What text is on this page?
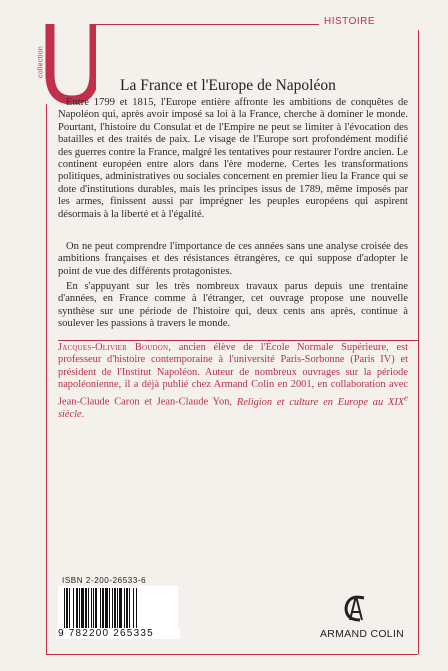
collection
HISTOIRE
La France et l'Europe de Napoléon

Entre 1799 et 1815, l'Europe entière affronte les ambitions de conquêtes de Napoléon qui, après avoir imposé sa loi à la France, cherche à dominer le monde. Pourtant, l'histoire du Consulat et de l'Empire ne peut se limiter à l'évocation des batailles et des traités de paix. Le visage de l'Europe sort profondément modifié des guerres contre la France, malgré les tentatives pour restaurer l'ordre ancien. Le continent européen entre alors dans l'ère moderne. Certes les transformations politiques, administratives ou sociales concernent en premier lieu la France qui se dote d'institutions durables, mais les principes issus de 1789, même imposés par les armes, finissent aussi par imprégner les peuples européens qui aspirent désormais à la liberté et à l'égalité.

On ne peut comprendre l'importance de ces années sans une analyse croisée des ambitions françaises et des résistances étrangères, ce qui suppose d'adopter le point de vue des différents protagonistes.

En s'appuyant sur les très nombreux travaux parus depuis une trentaine d'années, en France comme à l'étranger, cet ouvrage propose une nouvelle synthèse sur une période de l'histoire qui, deux cents ans après, continue à soulever les passions à travers le monde.

Jacques-Olivier Boudon, ancien élève de l'École Normale Supérieure, est professeur d'histoire contemporaine à l'université Paris-Sorbonne (Paris IV) et président de l'Institut Napoléon. Auteur de nombreux ouvrages sur la période napoléonienne, il a déjà publié chez Armand Colin en 2001, en collaboration avec Jean-Claude Caron et Jean-Claude Yon, Religion et culture en Europe au XIXe siècle.

ISBN 2-200-26533-6
9 782200 265335	ARMAND COLIN
